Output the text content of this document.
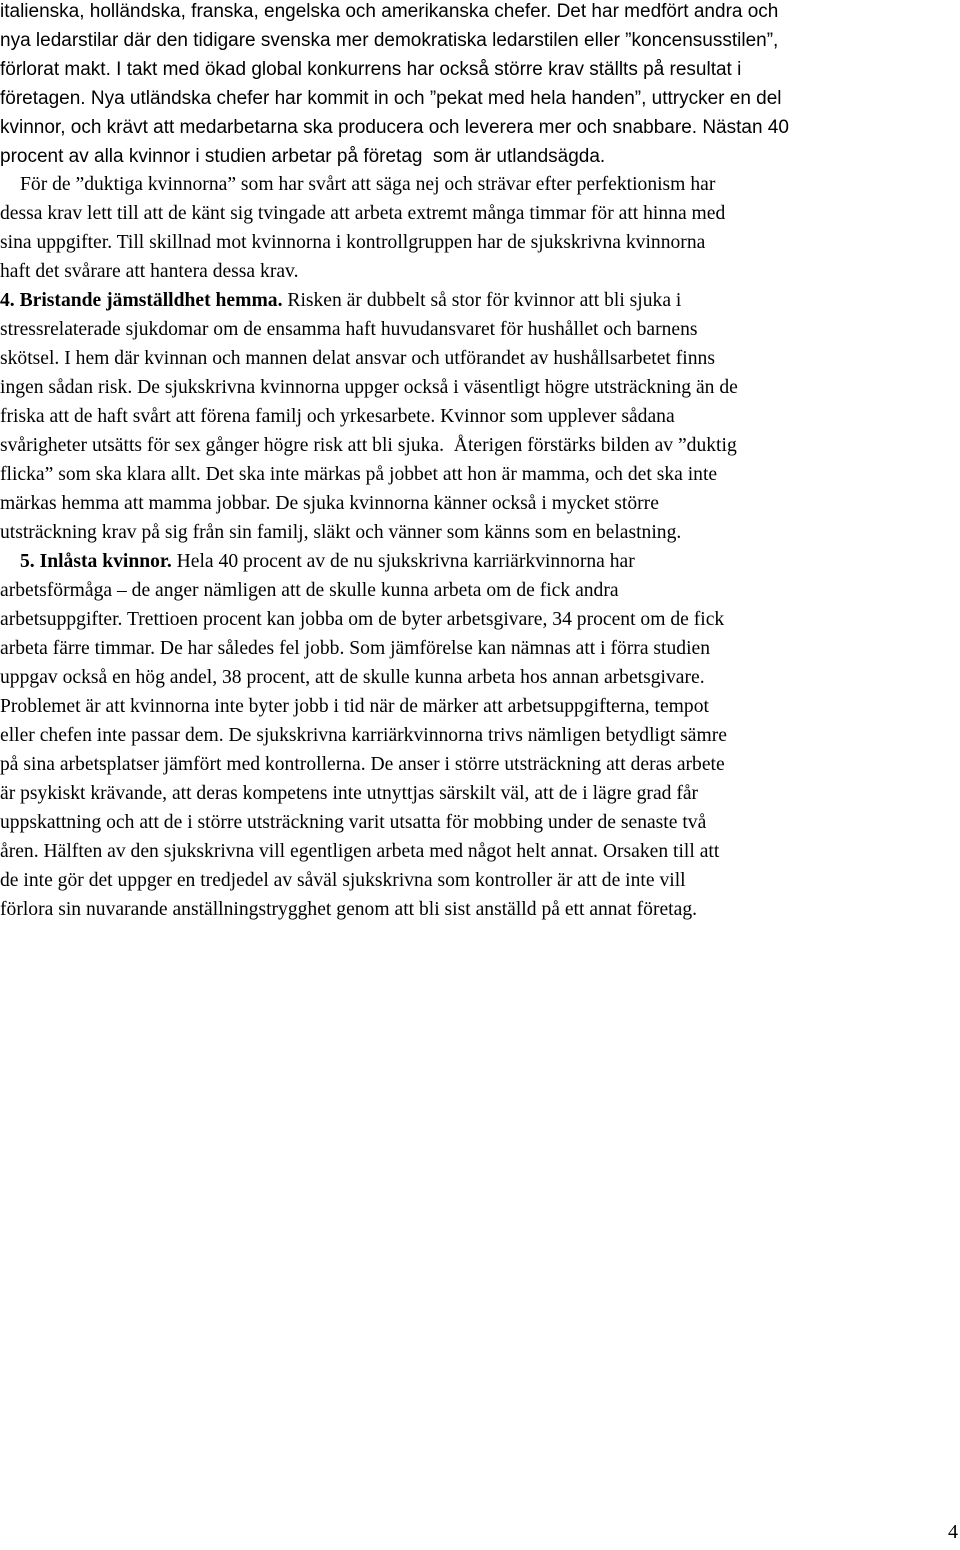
italienska, holländska, franska, engelska och amerikanska chefer. Det har medfört andra och
nya ledarstilar där den tidigare svenska mer demokratiska ledarstilen eller ”koncensusstilen”,
förlorat makt. I takt med ökad global konkurrens har också större krav ställts på resultat i
företagen. Nya utländska chefer har kommit in och ”pekat med hela handen”, uttrycker en del
kvinnor, och krävt att medarbetarna ska producera och leverera mer och snabbare. Nästan 40
procent av alla kvinnor i studien arbetar på företag  som är utlandsägda.
För de ”duktiga kvinnorna” som har svårt att säga nej och strävar efter perfektionism har
dessa krav lett till att de känt sig tvingade att arbeta extremt många timmar för att hinna med
sina uppgifter. Till skillnad mot kvinnorna i kontrollgruppen har de sjukskrivna kvinnorna
haft det svårare att hantera dessa krav.
4. Bristande jämställdhet hemma. Risken är dubbelt så stor för kvinnor att bli sjuka i
stressrelaterade sjukdomar om de ensamma haft huvudansvaret för hushållet och barnens
skötsel. I hem där kvinnan och mannen delat ansvar och utförandet av hushållsarbetet finns
ingen sådan risk. De sjukskrivna kvinnorna uppger också i väsentligt högre utsträckning än de
friska att de haft svårt att förena familj och yrkesarbete. Kvinnor som upplever sådana
svårigheter utsätts för sex gånger högre risk att bli sjuka.  Återigen förstärks bilden av ”duktig
flicka” som ska klara allt. Det ska inte märkas på jobbet att hon är mamma, och det ska inte
märkas hemma att mamma jobbar. De sjuka kvinnorna känner också i mycket större
utsträckning krav på sig från sin familj, släkt och vänner som känns som en belastning.
5. Inlåsta kvinnor. Hela 40 procent av de nu sjukskrivna karriärkvinnorna har
arbetsförmåga – de anger nämligen att de skulle kunna arbeta om de fick andra
arbetsuppgifter. Trettioen procent kan jobba om de byter arbetsgivare, 34 procent om de fick
arbeta färre timmar. De har således fel jobb. Som jämförelse kan nämnas att i förra studien
uppgav också en hög andel, 38 procent, att de skulle kunna arbeta hos annan arbetsgivare.
Problemet är att kvinnorna inte byter jobb i tid när de märker att arbetsuppgifterna, tempot
eller chefen inte passar dem. De sjukskrivna karriärkvinnorna trivs nämligen betydligt sämre
på sina arbetsplatser jämfört med kontrollerna. De anser i större utsträckning att deras arbete
är psykiskt krävande, att deras kompetens inte utnyttjas särskilt väl, att de i lägre grad får
uppskattning och att de i större utsträckning varit utsatta för mobbing under de senaste två
åren. Hälften av den sjukskrivna vill egentligen arbeta med något helt annat. Orsaken till att
de inte gör det uppger en tredjedel av såväl sjukskrivna som kontroller är att de inte vill
förlora sin nuvarande anställningstrygghet genom att bli sist anställd på ett annat företag.
4
